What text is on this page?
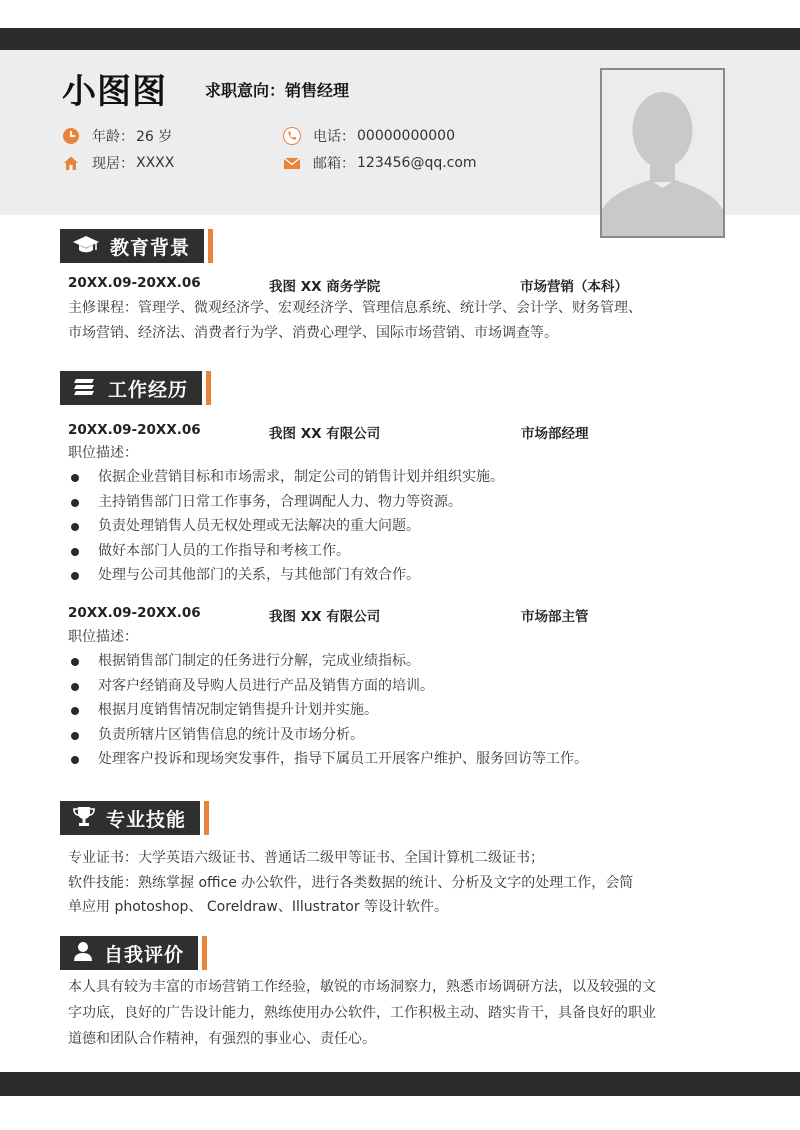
小图图 求职意向：销售经理
年龄： 26 岁	电话： 00000000000
现居： XXXX	邮箱： 123456@qq.com
教育背景
20XX.09-20XX.06	我图 XX 商务学院	市场营销（本科）
主修课程：管理学、微观经济学、宏观经济学、管理信息系统、统计学、会计学、财务管理、
市场营销、经济法、消费者行为学、消费心理学、国际市场营销、市场调查等。
工作经历
20XX.09-20XX.06	我图 XX 有限公司	市场部经理
职位描述：
依据企业营销目标和市场需求，制定公司的销售计划并组织实施。
主持销售部门日常工作事务，合理调配人力、物力等资源。
负责处理销售人员无权处理或无法解决的重大问题。
做好本部门人员的工作指导和考核工作。
处理与公司其他部门的关系，与其他部门有效合作。
20XX.09-20XX.06	我图 XX 有限公司	市场部主管
职位描述：
根据销售部门制定的任务进行分解，完成业绩指标。
对客户经销商及导购人员进行产品及销售方面的培训。
根据月度销售情况制定销售提升计划并实施。
负责所辖片区销售信息的统计及市场分析。
处理客户投诉和现场突发事件，指导下属员工开展客户维护、服务回访等工作。
专业技能
专业证书：大学英语六级证书、普通话二级甲等证书、全国计算机二级证书；
软件技能：熟练掌握 office 办公软件，进行各类数据的统计、分析及文字的处理工作，会简
单应用 photoshop、 Coreldraw、Illustrator 等设计软件。
自我评价
本人具有较为丰富的市场营销工作经验，敏锐的市场洞察力，熟悉市场调研方法，以及较强的文
字功底，良好的广告设计能力，熟练使用办公软件，工作积极主动、踏实肯干，具备良好的职业
道德和团队合作精神，有强烈的事业心、责任心。
